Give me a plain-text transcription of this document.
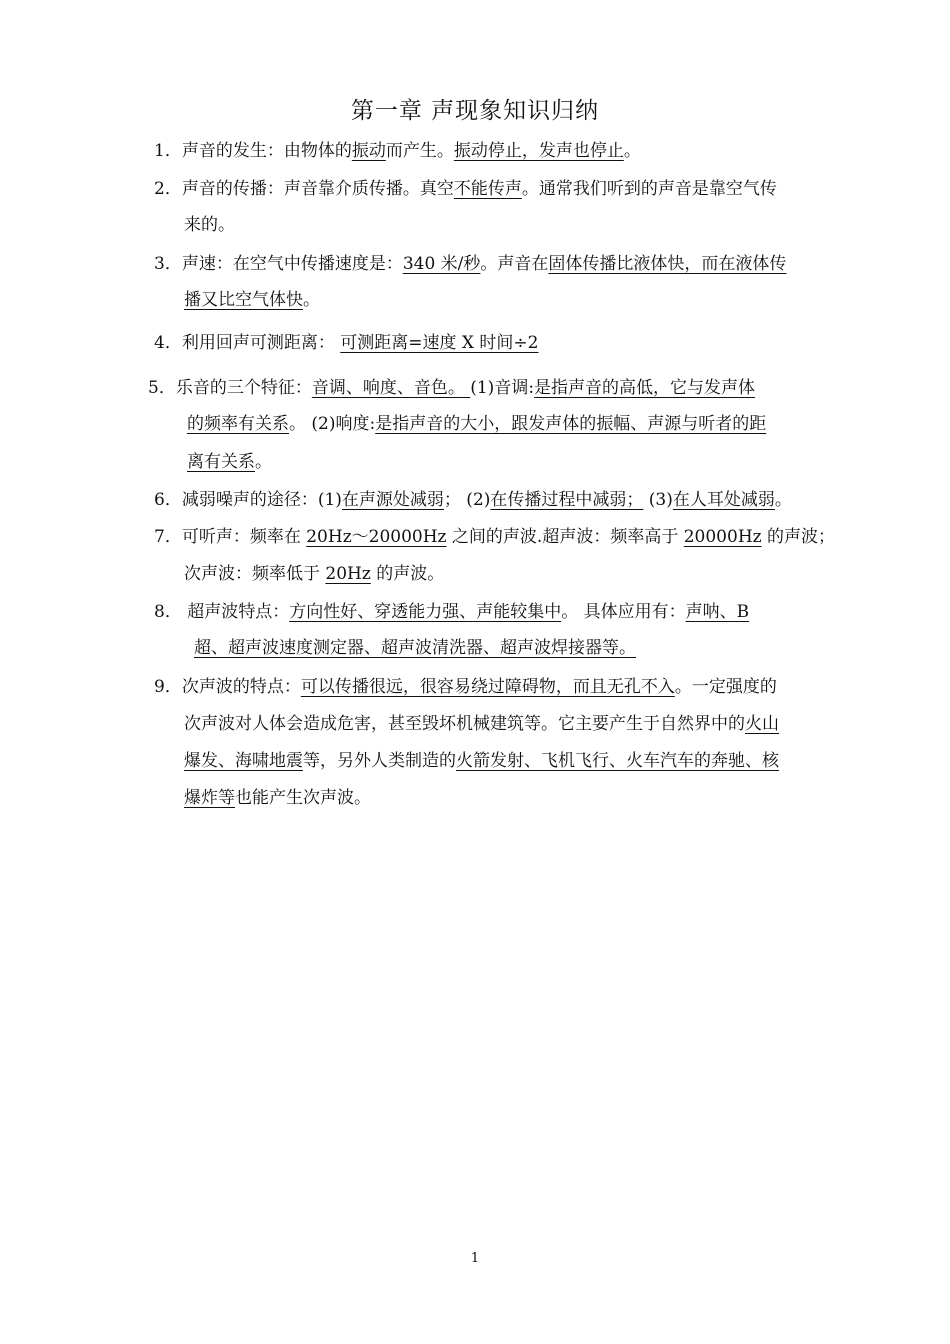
第一章 声现象知识归纳
1．声音的发生：由物体的振动而产生。振动停止，发声也停止。
2．声音的传播：声音靠介质传播。真空不能传声。通常我们听到的声音是靠空气传
来的。
3．声速：在空气中传播速度是：340 米/秒。声音在固体传播比液体快，而在液体传
播又比空气体快。
4．利用回声可测距离： 可测距离=速度 X 时间÷2
5．乐音的三个特征：音调、响度、音色。 (1)音调:是指声音的高低，它与发声体
的频率有关系。 (2)响度:是指声音的大小，跟发声体的振幅、声源与听者的距
离有关系。
6．减弱噪声的途径：(1)在声源处减弱； (2)在传播过程中减弱； (3)在人耳处减弱。
7．可听声：频率在 20Hz～20000Hz 之间的声波.超声波：频率高于 20000Hz 的声波；
次声波：频率低于 20Hz 的声波。
8． 超声波特点：方向性好、穿透能力强、声能较集中。 具体应用有：声呐、B
超、超声波速度测定器、超声波清洗器、超声波焊接器等。
9．次声波的特点：可以传播很远，很容易绕过障碍物，而且无孔不入。一定强度的
次声波对人体会造成危害，甚至毁坏机械建筑等。它主要产生于自然界中的火山
爆发、海啸地震等，另外人类制造的火箭发射、飞机飞行、火车汽车的奔驰、核
爆炸等也能产生次声波。
1
